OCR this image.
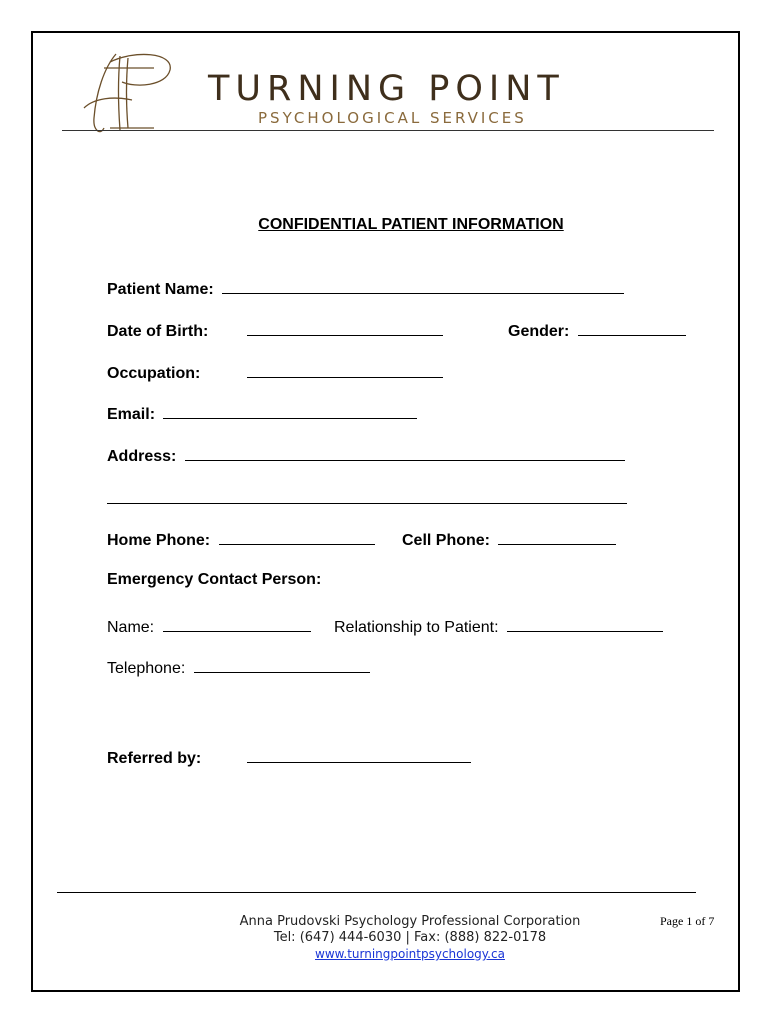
TURNING POINT
PSYCHOLOGICAL SERVICES
CONFIDENTIAL PATIENT INFORMATION
Patient Name:
Date of Birth:	Gender:
Occupation:
Email:
Address:
Home Phone:	Cell Phone:
Emergency Contact Person:
Name:	Relationship to Patient:
Telephone:
Referred by:
Anna Prudovski Psychology Professional Corporation
Tel: (647) 444-6030 | Fax: (888) 822-0178
www.turningpointpsychology.ca
Page 1 of 7
